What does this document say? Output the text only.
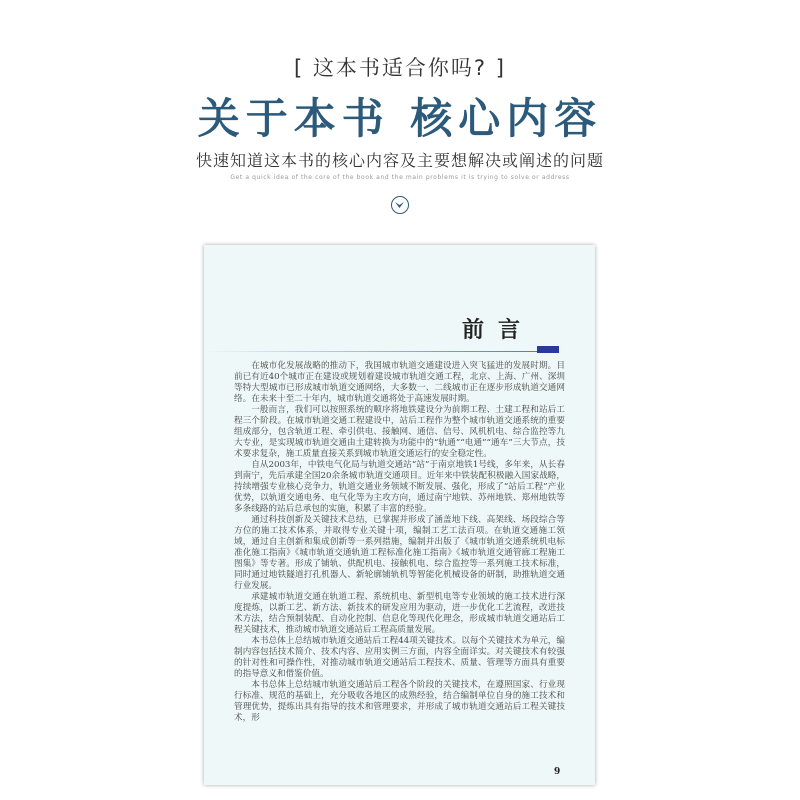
[ 这本书适合你吗? ]
关于本书 核心内容
快速知道这本书的核心内容及主要想解决或阐述的问题
Get a quick idea of the core of the book and the main problems it is trying to solve or address
前言

在城市化发展战略的推动下，我国城市轨道交通建设进入突飞猛进的发展时期。目前已有近40个城市正在建设或规划着建设城市轨道交通工程，北京、上海、广州、深圳等特大型城市已形成城市轨道交通网络，大多数一、二线城市正在逐步形成轨道交通网络。在未来十至二十年内，城市轨道交通将处于高速发展时期。

一般而言，我们可以按照系统的顺序将地铁建设分为前期工程、土建工程和站后工程三个阶段。在城市轨道交通工程建设中，站后工程作为整个城市轨道交通系统的重要组成部分，包含轨道工程、牵引供电、接触网、通信、信号、风机机电、综合监控等九大专业，是实现城市轨道交通由土建转换为功能中的“轨通”“电通”“通车”三大节点，技术要求复杂，施工质量直接关系到城市轨道交通运行的安全稳定性。

自从2003年，中铁电气化局与轨道交通站“站”于南京地铁1号线，多年来，从长春到南宁，先后承建全国20余条城市轨道交通项目。近年来中铁装配积极融入国家战略，持续增强专业核心竞争力，轨道交通业务领域不断发展、强化，形成了“站后工程”产业优势，以轨道交通电务、电气化等为主攻方向，通过南宁地铁、苏州地铁、郑州地铁等多条线路的站后总承包的实施，积累了丰富的经验。

通过科技创新及关键技术总结，已掌握并形成了涵盖地下线、高架线、场段综合等方位的施工技术体系，并取得专业关键十项，编制工艺工法百项。在轨道交通施工领域，通过自主创新和集成创新等一系列措施，编制并出版了《城市轨道交通系统机电标准化施工指南》《城市轨道交通轨道工程标准化施工指南》《城市轨道交通管廊工程施工图集》等专著。形成了铺轨、供配机电、接触机电、综合监控等一系列施工技术标准，同时通过地铁隧道打孔机器人、新轮廓铺轨机等智能化机械设备的研制，助推轨道交通行业发展。

承建城市轨道交通在轨道工程、系统机电、新型机电等专业领域的施工技术进行深度提炼，以新工艺、新方法、新技术的研发应用为驱动，进一步优化工艺流程，改进技术方法，结合预制装配、自动化控制、信息化等现代化理念，形成城市轨道交通站后工程关键技术，推动城市轨道交通站后工程高质量发展。

本书总体上总结城市轨道交通站后工程44项关键技术。以每个关键技术为单元，编制内容包括技术简介、技术内容、应用实例三方面，内容全面详实。对关键技术有较强的针对性和可操作性，对推动城市轨道交通站后工程技术、质量、管理等方面具有重要的指导意义和借鉴价值。

本书总体上总结城市轨道交通站后工程各个阶段的关键技术，在遵照国家、行业现行标准、规范的基础上，充分吸收各地区的成熟经验，结合编制单位自身的施工技术和管理优势，提炼出具有指导的技术和管理要求，并形成了城市轨道交通站后工程关键技术，形

9
